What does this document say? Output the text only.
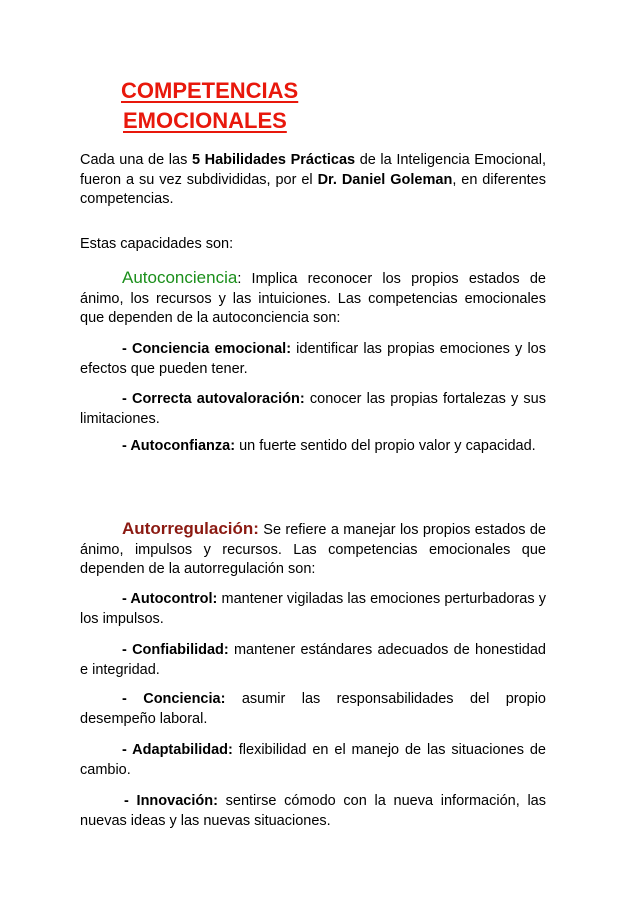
COMPETENCIAS
EMOCIONALES

Cada una de las 5 Habilidades Prácticas de la Inteligencia Emocional, fueron a su vez subdivididas, por el Dr. Daniel Goleman, en diferentes competencias.

Estas capacidades son:

Autoconciencia: Implica reconocer los propios estados de ánimo, los recursos y las intuiciones. Las competencias emocionales que dependen de la autoconciencia son:

- Conciencia emocional: identificar las propias emociones y los efectos que pueden tener.

- Correcta autovaloración: conocer las propias fortalezas y sus limitaciones.

- Autoconfianza: un fuerte sentido del propio valor y capacidad.

Autorregulación: Se refiere a manejar los propios estados de ánimo, impulsos y recursos. Las competencias emocionales que dependen de la autorregulación son:

- Autocontrol: mantener vigiladas las emociones perturbadoras y los impulsos.

- Confiabilidad: mantener estándares adecuados de honestidad e integridad.

- Conciencia: asumir las responsabilidades del propio desempeño laboral.

- Adaptabilidad: flexibilidad en el manejo de las situaciones de cambio.

- Innovación: sentirse cómodo con la nueva información, las nuevas ideas y las nuevas situaciones.
